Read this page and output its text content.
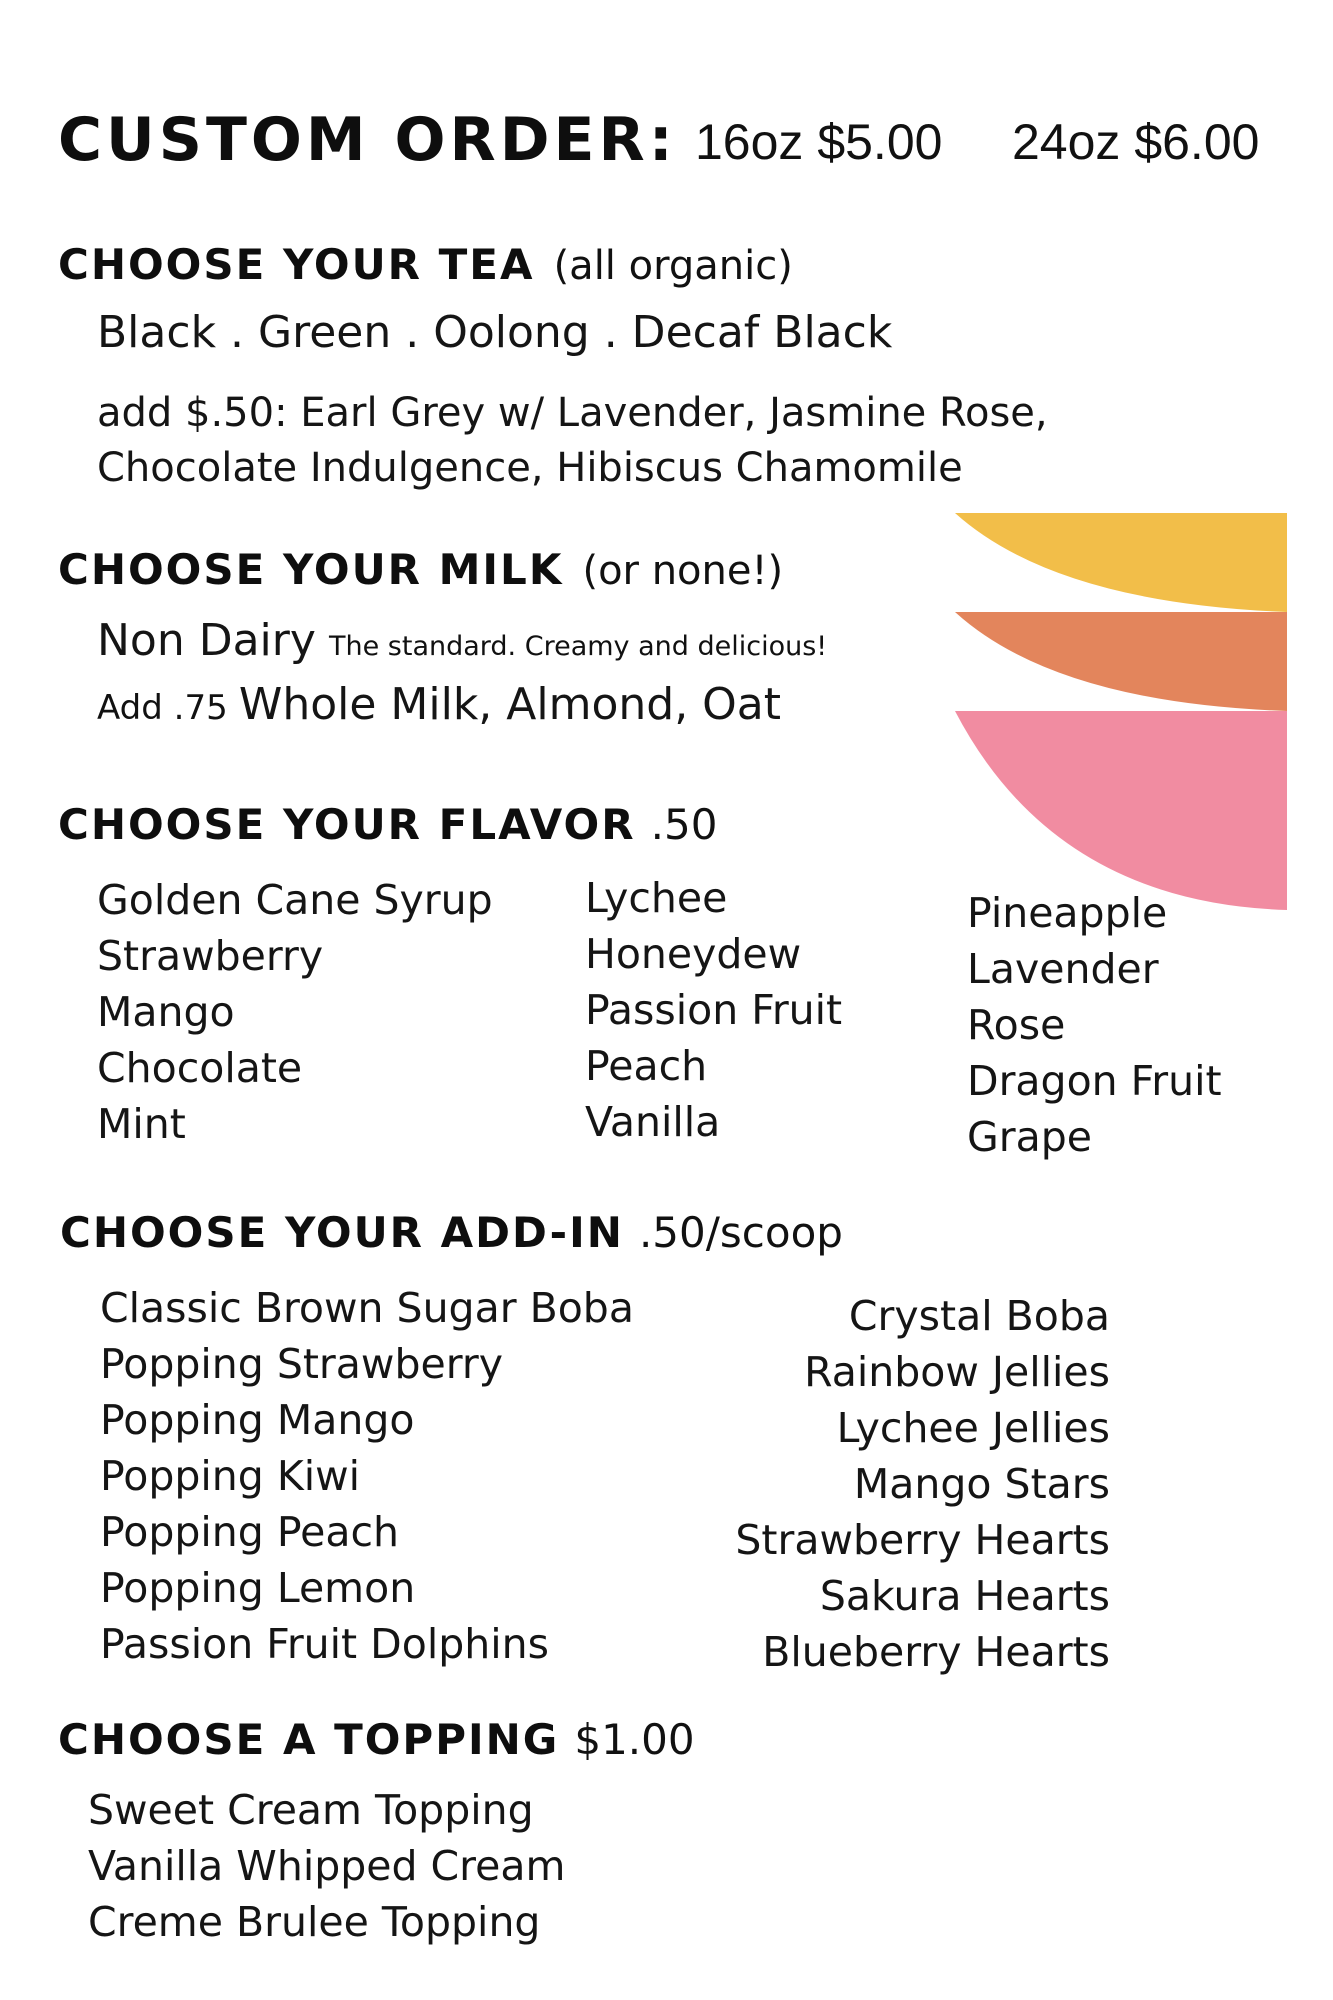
CUSTOM ORDER: 16oz $5.00 24oz $6.00
CHOOSE YOUR TEA (all organic)
Black . Green . Oolong . Decaf Black
add $.50: Earl Grey w/ Lavender, Jasmine Rose,
Chocolate Indulgence, Hibiscus Chamomile
CHOOSE YOUR MILK (or none!)
Non Dairy The standard. Creamy and delicious!
Add .75 Whole Milk, Almond, Oat
CHOOSE YOUR FLAVOR .50
Golden Cane Syrup
Strawberry
Mango
Chocolate
Mint
Lychee
Honeydew
Passion Fruit
Peach
Vanilla
Pineapple
Lavender
Rose
Dragon Fruit
Grape
CHOOSE YOUR ADD-IN .50/scoop
Classic Brown Sugar Boba
Popping Strawberry
Popping Mango
Popping Kiwi
Popping Peach
Popping Lemon
Passion Fruit Dolphins
Crystal Boba
Rainbow Jellies
Lychee Jellies
Mango Stars
Strawberry Hearts
Sakura Hearts
Blueberry Hearts
CHOOSE A TOPPING $1.00
Sweet Cream Topping
Vanilla Whipped Cream
Creme Brulee Topping
